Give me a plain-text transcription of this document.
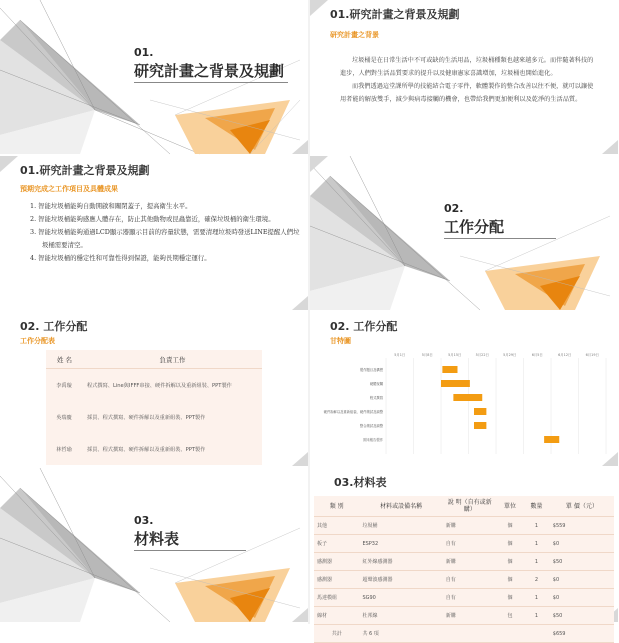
01.
研究計畫之背景及規劃
01.研究計畫之背景及規劃
研究計畫之背景

垃圾桶是在日常生活中不可或缺的生活用品，垃圾桶種類也越來越多元。而伴隨著科技的進步，人們對生活品質要求的提升以及健康憲家喜識增加，垃圾桶也開始進化。

而我們透過這堂課所學的技能結合電子零件，軟體製作的整合改善以往不便，就可以讓使用者能的解放雙手，減少與病毒接觸的機會，也帶給我們更加便利以及乾淨的生活品質。

01.研究計畫之背景及規劃
預期完成之工作項目及具體成果
1. 智能垃圾桶能夠自動開啟和關閉蓋子，提高衛生水平。
2. 智能垃圾桶能夠感應人體存在，防止其他動物或昆蟲靠近，確保垃圾桶的衛生環境。
3. 智能垃圾桶能夠通過LCD顯示器顯示目前的容量狀態，需要清理垃圾時發送LINE提醒人們垃圾桶需要清空。
4. 智能垃圾桶的穩定性和可靠性得到保證，能夠長期穩定運行。
02.
工作分配
02. 工作分配
工作分配表
姓 名	負責工作
李禹璇	程式撰寫、Line與IFFF串接、硬件拆解以及重新組裝、PPT製作
吳瑞慶	採買、程式撰寫、硬件拆解以及重新組裝、PPT製作
林哲瑜	採買、程式撰寫、硬件拆解以及重新組裝、PPT製作
02. 工作分配
甘特圖
5月1日	5月8日	5月15日	5月22日	5月29日	6月5日	6月12日	6月19日
製作題目及構想
硬體採購
程式撰寫
硬件拆解以及重新組裝、硬件測試及調整
整合測試及調整
期末報告製作
03.
材料表
03.材料表
類 別	材料或設備名稱	說 明（自有或新購）	單位	數量	單 價（元）
其他	垃圾桶	新購	個	1	$559
板子	ESP32	自有	個	1	$0
感測器	紅外線感測器	新購	個	1	$50
感測器	超聲波感測器	自有	個	2	$0
馬達模組	SG90	自有	個	1	$0
線材	杜邦線	新購	包	1	$50
共計	共 6 項				$659
